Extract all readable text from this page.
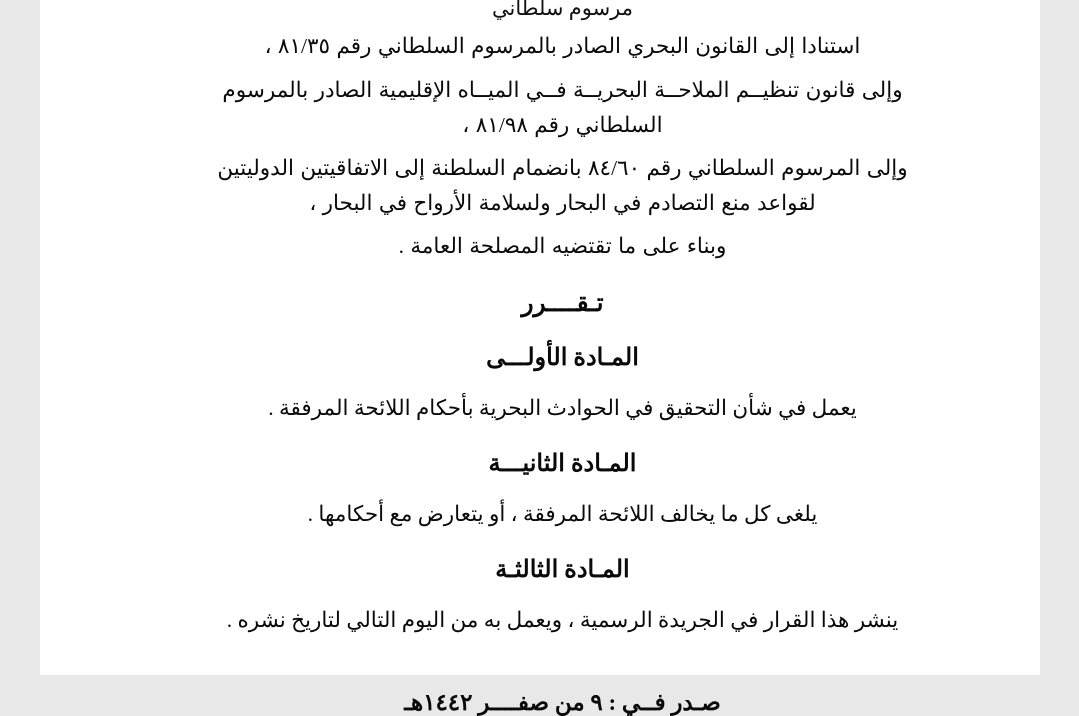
مرسوم سلطاني

استنادا إلى القانون البحري الصادر بالمرسوم السلطاني رقم ٨١/٣٥ ،

وإلى قانون تنظيــم الملاحــة البحريــة فــي الميــاه الإقليمية الصادر بالمرسوم السلطاني رقم ٨١/٩٨ ،

وإلى المرسوم السلطاني رقم ٨٤/٦٠ بانضمام السلطنة إلى الاتفاقيتين الدوليتين لقواعد منع التصادم في البحار ولسلامة الأرواح في البحار ،

وبناء على ما تقتضيه المصلحة العامة .

تـقــــرر
المـادة الأولـــى
يعمل في شأن التحقيق في الحوادث البحرية بأحكام اللائحة المرفقة .
المـادة الثانيـــة
يلغى كل ما يخالف اللائحة المرفقة ، أو يتعارض مع أحكامها .
المـادة الثالثـة
ينشر هذا القرار في الجريدة الرسمية ، ويعمل به من اليوم التالي لتاريخ نشره .
صـدر فــي : ٩ من صفــــر ١٤٤٢هـ
